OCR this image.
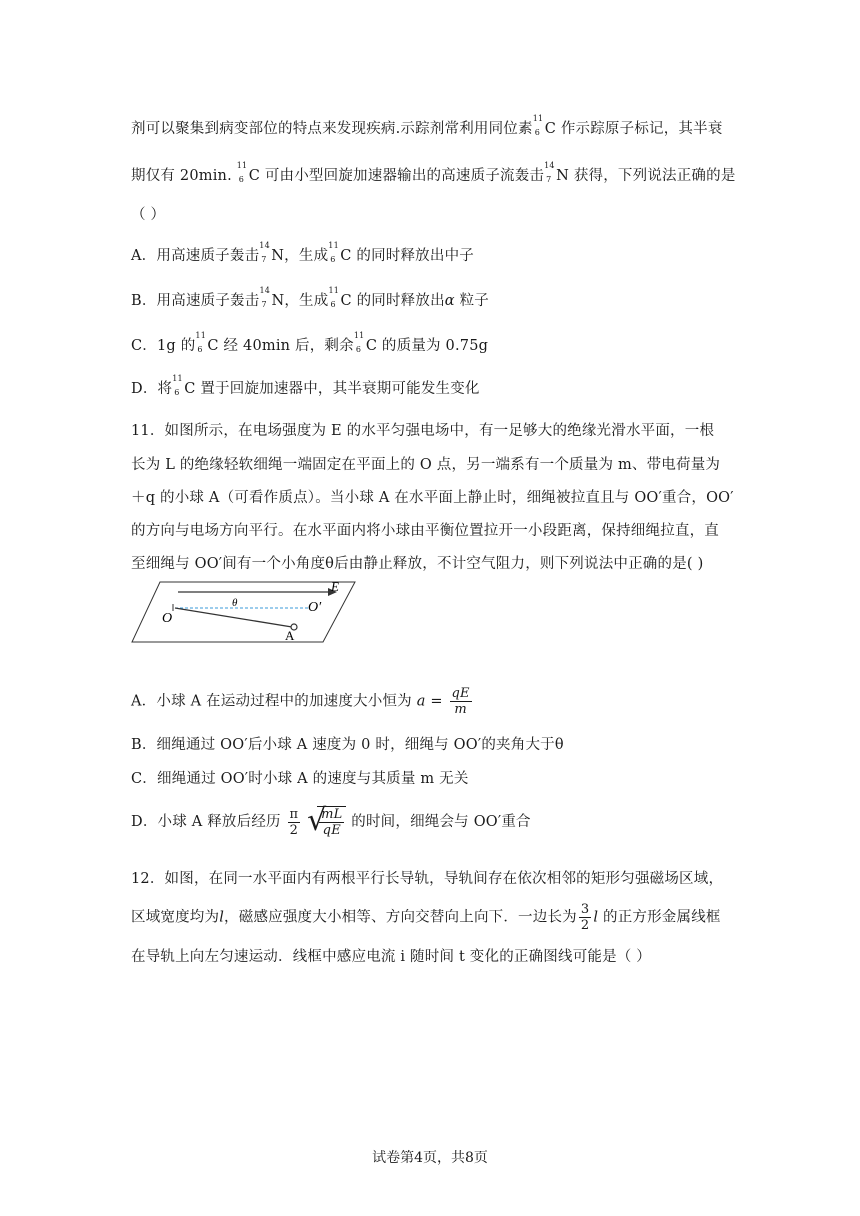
剂可以聚集到病变部位的特点来发现疾病.示踪剂常利用同位素
11
6 C 作示踪原子标记，其半衰
期仅有 20min.
11
6 C 可由小型回旋加速器输出的高速质子流轰击
14
7 N 获得，下列说法正确的是
（ ）
A．用高速质子轰击
14
7 N，生成
11
6 C 的同时释放出中子
B．用高速质子轰击
14
7 N，生成
11
6 C 的同时释放出α 粒子
C．1g 的
11
6 C 经 40min 后，剩余
11
6 C 的质量为 0.75g
D．将
11
6 C 置于回旋加速器中，其半衰期可能发生变化
11．如图所示，在电场强度为 E 的水平匀强电场中，有一足够大的绝缘光滑水平面，一根
长为 L 的绝缘轻软细绳一端固定在平面上的 O 点，另一端系有一个质量为 m、带电荷量为
＋q 的小球 A（可看作质点）。当小球 A 在水平面上静止时，细绳被拉直且与 OO′重合，OO′
的方向与电场方向平行。在水平面内将小球由平衡位置拉开一小段距离，保持细绳拉直，直
至细绳与 OO′间有一个小角度θ后由静止释放，不计空气阻力，则下列说法中正确的是( )
E
θ
O
O′
A
A．小球 A 在运动过程中的加速度大小恒为 $a = \frac{qE}{m}$
B．细绳通过 OO′后小球 A 速度为 0 时，细绳与 OO′的夹角大于θ
C．细绳通过 OO′时小球 A 的速度与其质量 m 无关
D．小球 A 释放后经历 $\frac{\pi}{2}$
√
$\frac{mL}{qE}$ 的时间，细绳会与 OO′重合
12．如图，在同一水平面内有两根平行长导轨，导轨间存在依次相邻的矩形匀强磁场区域，
区域宽度均为l，磁感应强度大小相等、方向交替向上向下．一边长为 $\frac{3}{2}$ l 的正方形金属线框
在导轨上向左匀速运动．线框中感应电流 i 随时间 t 变化的正确图线可能是（ ）
试卷第4页，共8页
